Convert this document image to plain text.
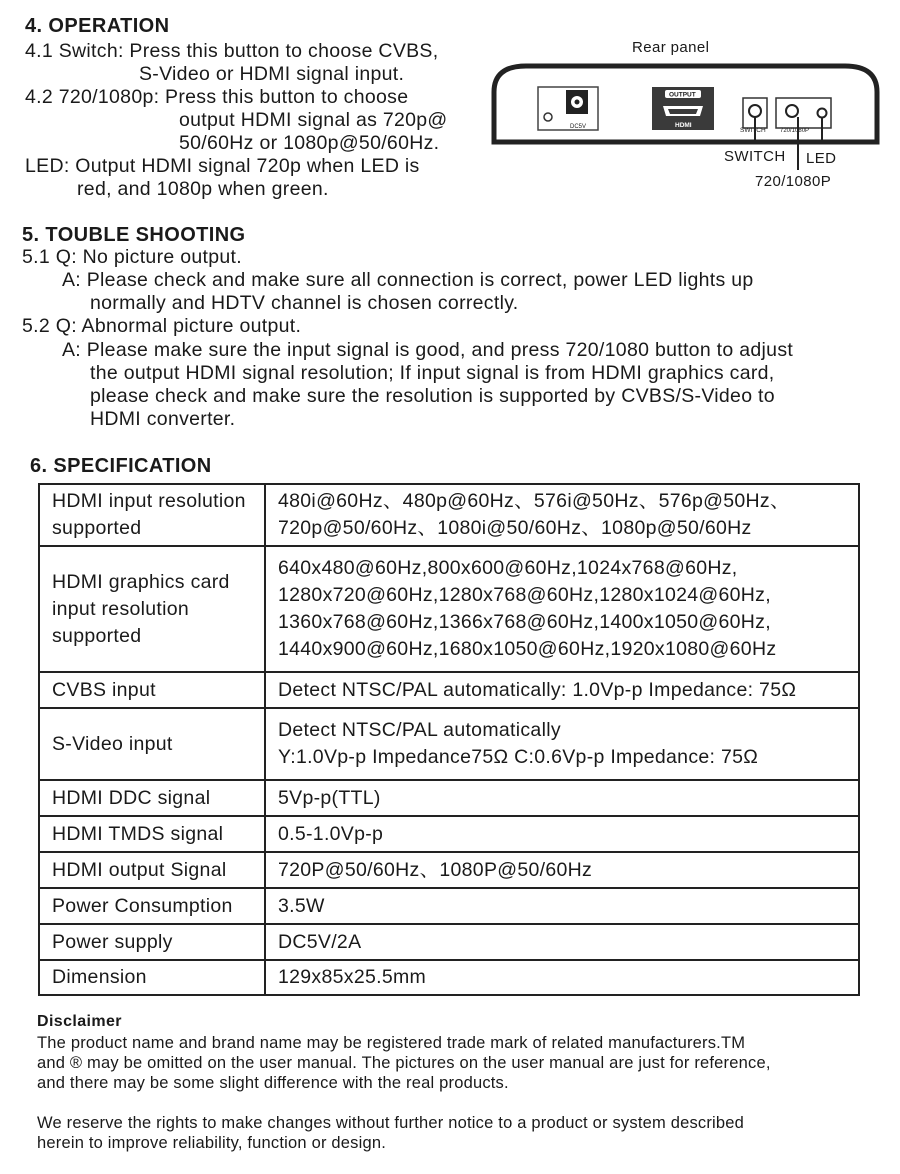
4. OPERATION
4.1 Switch: Press this button to choose CVBS,
S-Video or HDMI signal input.
4.2 720/1080p: Press this button to choose
output HDMI signal as 720p@
50/60Hz or 1080p@50/60Hz.
LED: Output HDMI signal 720p when LED is
red, and 1080p when green.
Rear panel
DC5V
OUTPUT
HDMI
SWITCH 720/1080P
SWITCH LED
720/1080P
5. TOUBLE SHOOTING
5.1 Q: No picture output.
A: Please check and make sure all connection is correct, power LED lights up
normally and HDTV channel is chosen correctly.
5.2 Q: Abnormal picture output.
A: Please make sure the input signal is good, and press 720/1080 button to adjust
the output HDMI signal resolution; If input signal is from HDMI graphics card,
please check and make sure the resolution is supported by CVBS/S-Video to
HDMI converter.
6. SPECIFICATION
HDMI input resolution
supported	480i@60Hz、480p@60Hz、576i@50Hz、576p@50Hz、
720p@50/60Hz、1080i@50/60Hz、1080p@50/60Hz
HDMI graphics card
input resolution
supported	640x480@60Hz,800x600@60Hz,1024x768@60Hz,
1280x720@60Hz,1280x768@60Hz,1280x1024@60Hz,
1360x768@60Hz,1366x768@60Hz,1400x1050@60Hz,
1440x900@60Hz,1680x1050@60Hz,1920x1080@60Hz
CVBS input	Detect NTSC/PAL automatically: 1.0Vp-p Impedance: 75Ω
S-Video input	Detect NTSC/PAL automatically
Y:1.0Vp-p Impedance75Ω C:0.6Vp-p Impedance: 75Ω
HDMI DDC signal	5Vp-p(TTL)
HDMI TMDS signal	0.5-1.0Vp-p
HDMI output Signal	720P@50/60Hz、1080P@50/60Hz
Power Consumption	3.5W
Power supply	DC5V/2A
Dimension	129x85x25.5mm
Disclaimer
The product name and brand name may be registered trade mark of related manufacturers.TM
and ® may be omitted on the user manual. The pictures on the user manual are just for reference,
and there may be some slight difference with the real products.
We reserve the rights to make changes without further notice to a product or system described
herein to improve reliability, function or design.
